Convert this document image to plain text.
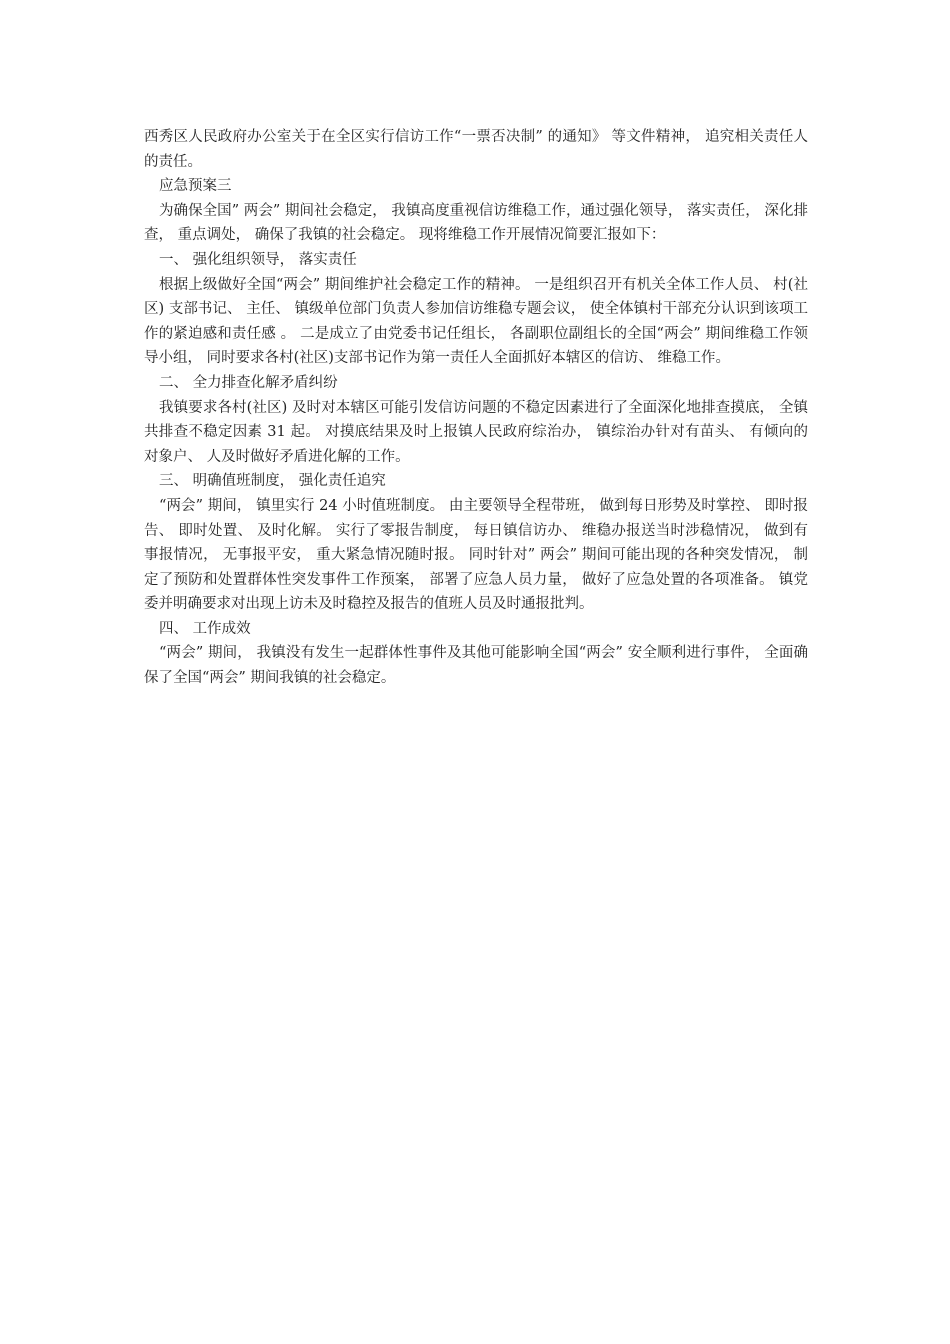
西秀区人民政府办公室关于在全区实行信访工作“一票否决制” 的通知》 等文件精神， 追究相关责任人的责任。

应急预案三

为确保全国” 两会” 期间社会稳定， 我镇高度重视信访维稳工作，通过强化领导， 落实责任， 深化排查， 重点调处， 确保了我镇的社会稳定。 现将维稳工作开展情况简要汇报如下：

一、 强化组织领导， 落实责任

根据上级做好全国“两会” 期间维护社会稳定工作的精神。 一是组织召开有机关全体工作人员、 村(社区) 支部书记、 主任、 镇级单位部门负责人参加信访维稳专题会议， 使全体镇村干部充分认识到该项工作的紧迫感和责任感 。 二是成立了由党委书记任组长， 各副职位副组长的全国“两会” 期间维稳工作领导小组， 同时要求各村(社区)支部书记作为第一责任人全面抓好本辖区的信访、 维稳工作。

二、 全力排查化解矛盾纠纷

我镇要求各村(社区) 及时对本辖区可能引发信访问题的不稳定因素进行了全面深化地排查摸底， 全镇共排查不稳定因素 31 起。 对摸底结果及时上报镇人民政府综治办， 镇综治办针对有苗头、 有倾向的对象户、 人及时做好矛盾进化解的工作。

三、 明确值班制度， 强化责任追究

“两会” 期间， 镇里实行 24 小时值班制度。 由主要领导全程带班， 做到每日形势及时掌控、 即时报告、 即时处置、 及时化解。 实行了零报告制度， 每日镇信访办、 维稳办报送当时涉稳情况， 做到有事报情况， 无事报平安， 重大紧急情况随时报。 同时针对” 两会” 期间可能出现的各种突发情况， 制定了预防和处置群体性突发事件工作预案， 部署了应急人员力量， 做好了应急处置的各项准备。 镇党委并明确要求对出现上访未及时稳控及报告的值班人员及时通报批判。

四、 工作成效

“两会” 期间， 我镇没有发生一起群体性事件及其他可能影响全国“两会” 安全顺利进行事件， 全面确保了全国“两会” 期间我镇的社会稳定。
